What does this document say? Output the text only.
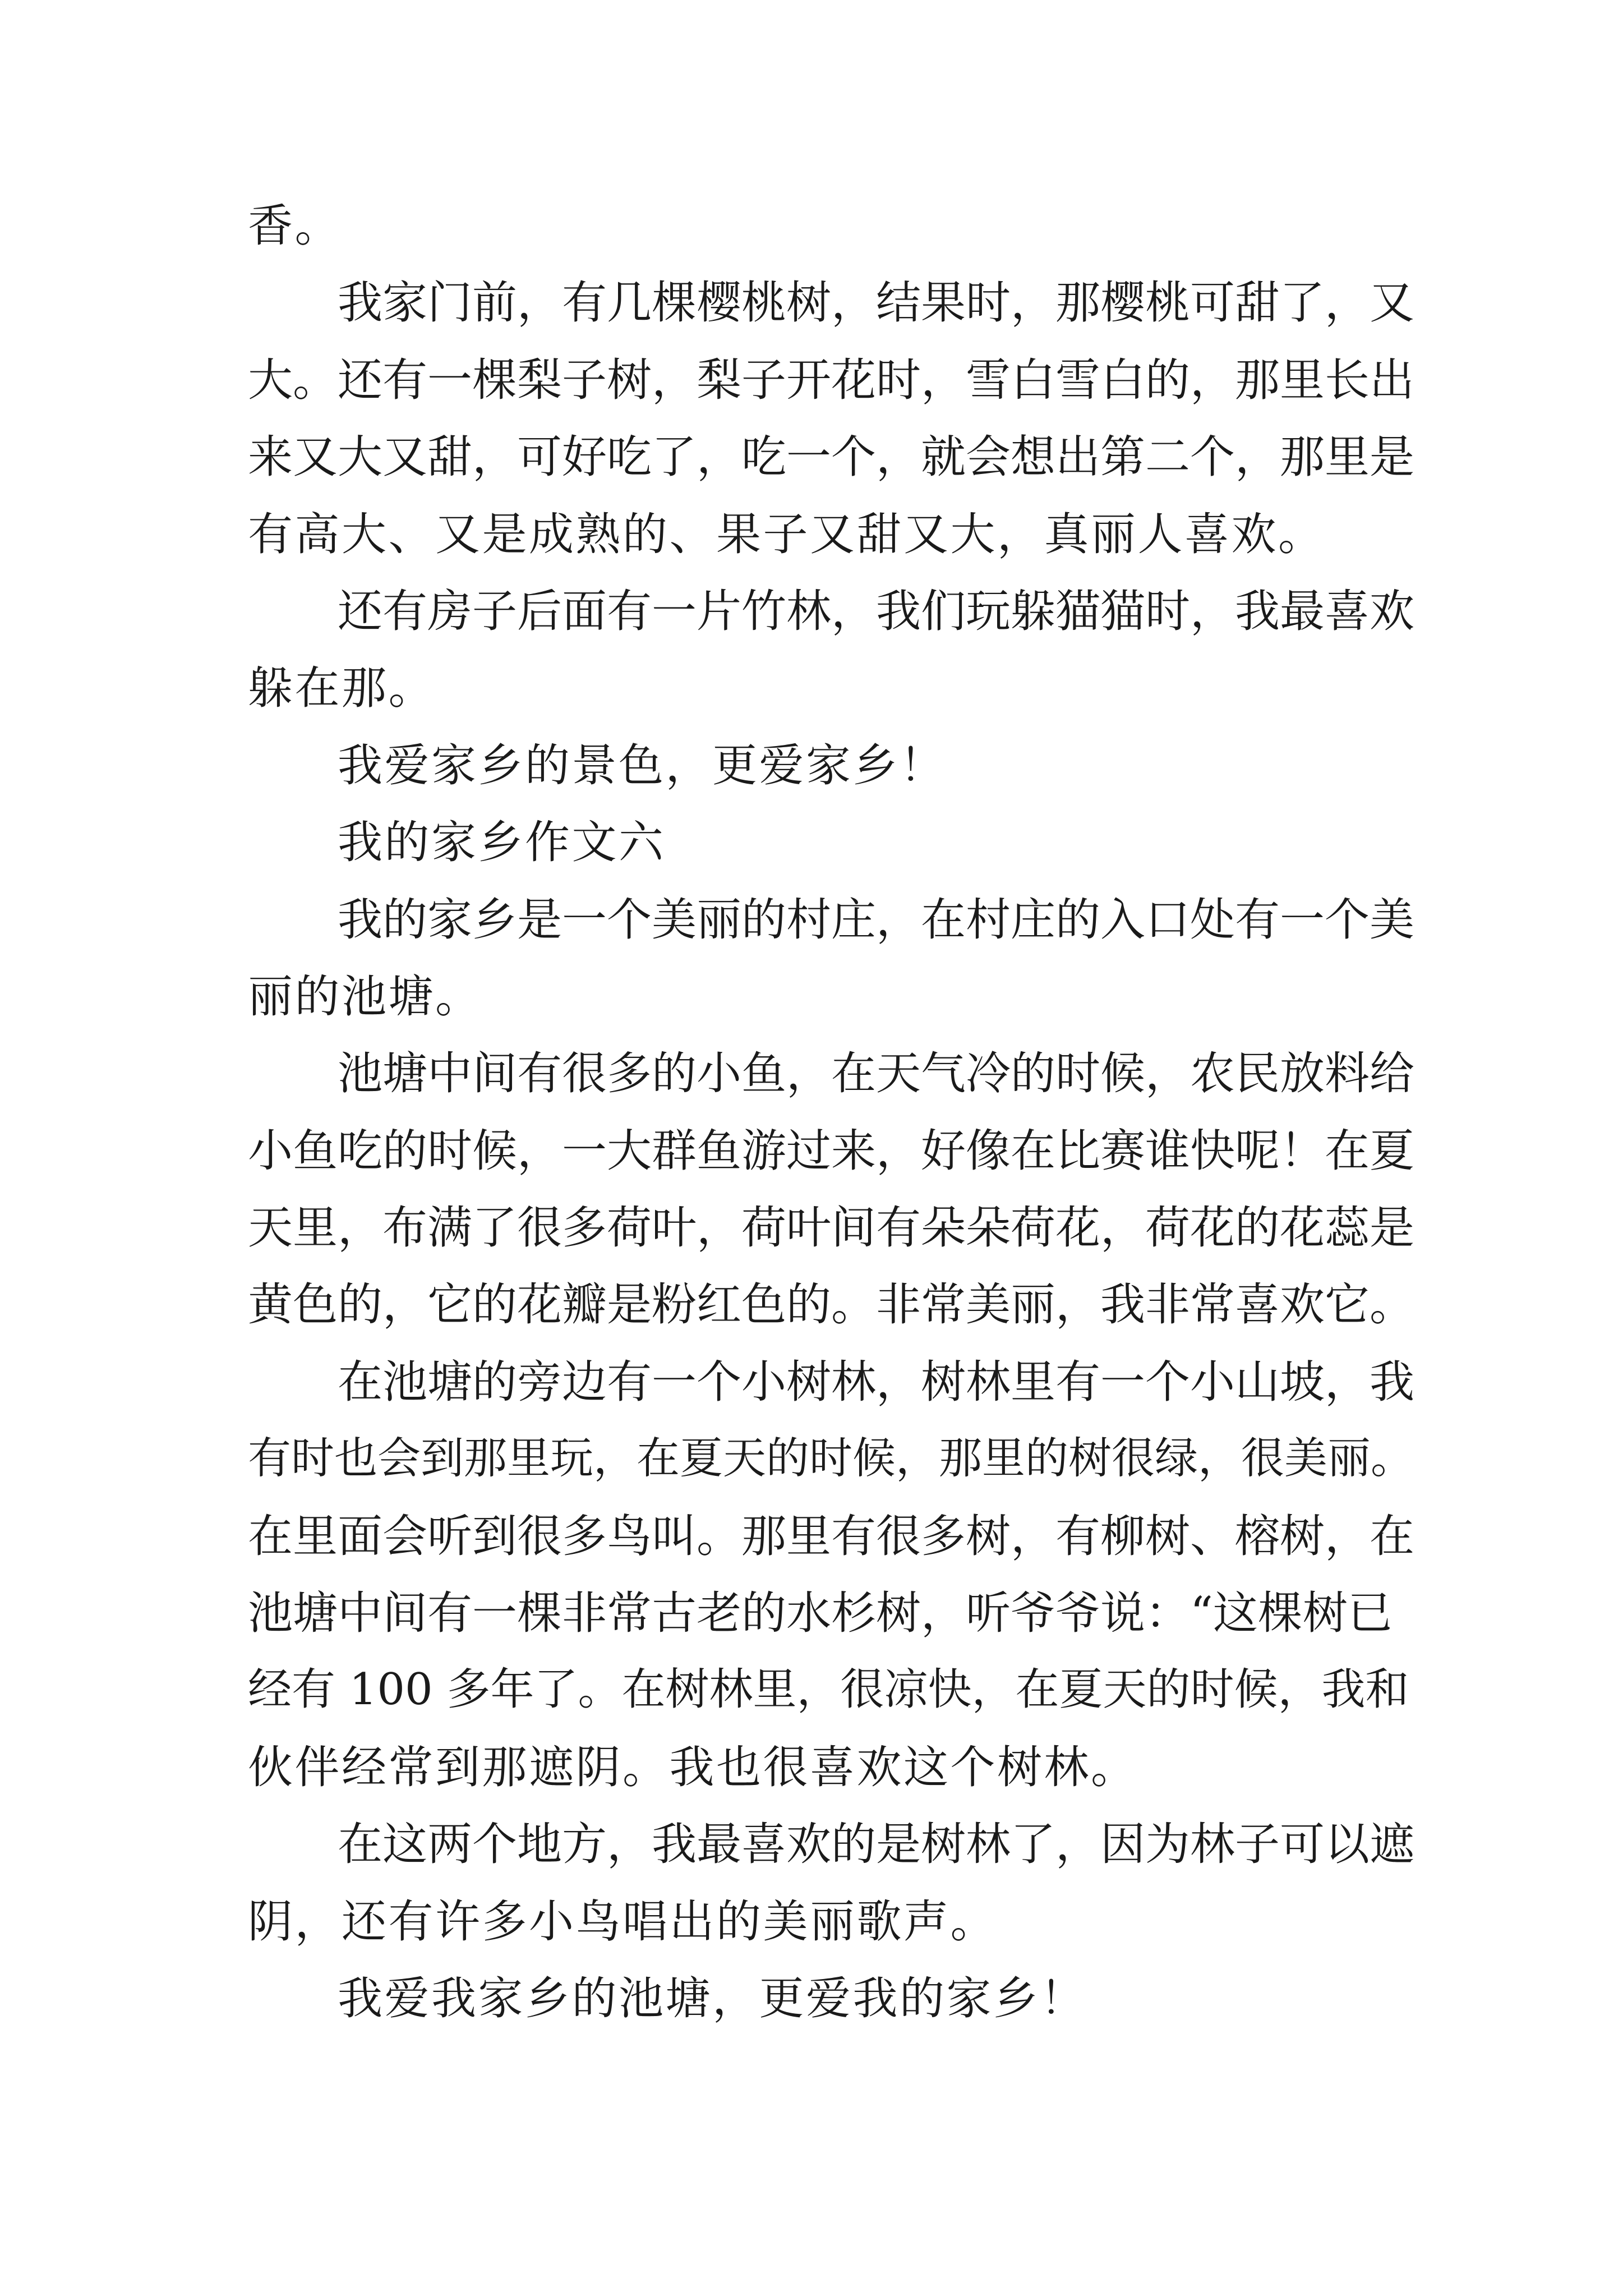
香。
我家门前，有几棵樱桃树，结果时，那樱桃可甜了，又
大。还有一棵梨子树，梨子开花时，雪白雪白的，那里长出
来又大又甜，可好吃了，吃一个，就会想出第二个，那里是
有高大、又是成熟的、果子又甜又大，真丽人喜欢。
还有房子后面有一片竹林，我们玩躲猫猫时，我最喜欢
躲在那。
我爱家乡的景色，更爱家乡！
我的家乡作文六
我的家乡是一个美丽的村庄，在村庄的入口处有一个美
丽的池塘。
池塘中间有很多的小鱼，在天气冷的时候，农民放料给
小鱼吃的时候，一大群鱼游过来，好像在比赛谁快呢！在夏
天里，布满了很多荷叶，荷叶间有朵朵荷花，荷花的花蕊是
黄色的，它的花瓣是粉红色的。非常美丽，我非常喜欢它。
在池塘的旁边有一个小树林，树林里有一个小山坡，我
有时也会到那里玩，在夏天的时候，那里的树很绿，很美丽。
在里面会听到很多鸟叫。那里有很多树，有柳树、榕树，在
池塘中间有一棵非常古老的水杉树，听爷爷说：“这棵树已
经有 100 多年了。在树林里，很凉快，在夏天的时候，我和
伙伴经常到那遮阴。我也很喜欢这个树林。
在这两个地方，我最喜欢的是树林了，因为林子可以遮
阴，还有许多小鸟唱出的美丽歌声。
我爱我家乡的池塘，更爱我的家乡！
